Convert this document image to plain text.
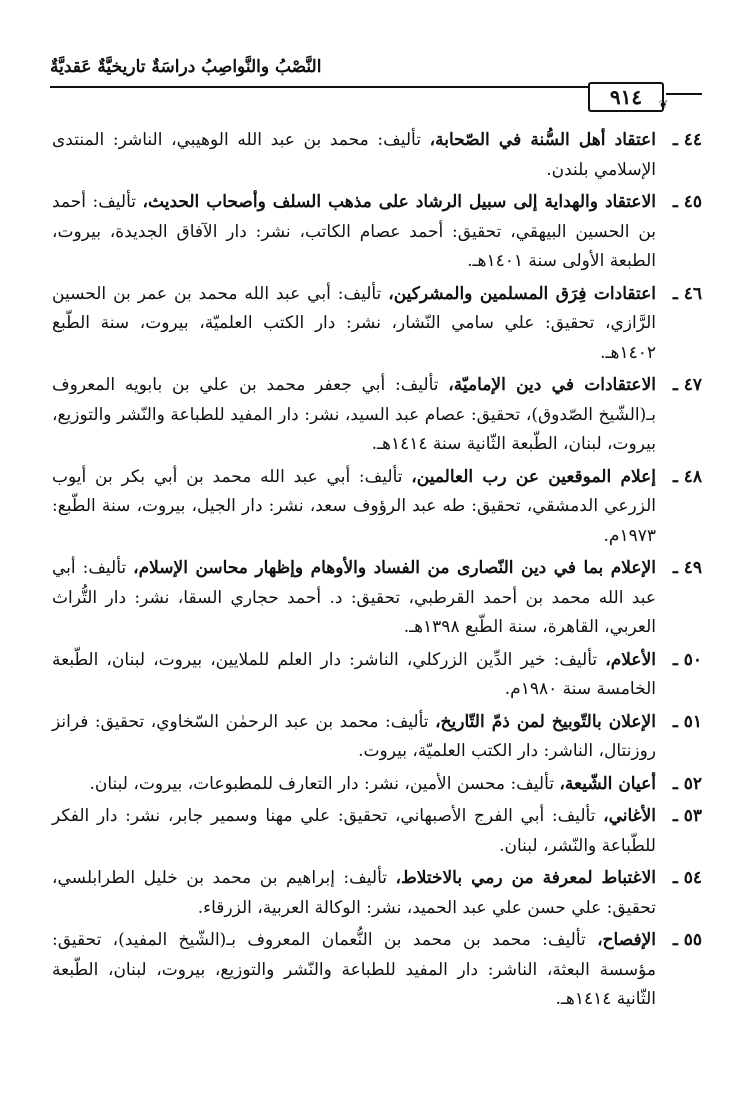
النَّصْبُ والنَّواصِبُ دراسَةٌ تاريخيَّةٌ عَقديَّةٌ
٩١٤ ❦
٤٤ ـ
اعتقاد أهل السُّنة في الصّحابة، تأليف: محمد بن عبد الله الوهيبي، الناشر: المنتدى الإسلامي بلندن.
٤٥ ـ
الاعتقاد والهداية إلى سبيل الرشاد على مذهب السلف وأصحاب الحديث، تأليف: أحمد بن الحسين البيهقي، تحقيق: أحمد عصام الكاتب، نشر: دار الآفاق الجديدة، بيروت، الطبعة الأولى سنة ١٤٠١هـ.
٤٦ ـ
اعتقادات فِرَق المسلمين والمشركين، تأليف: أبي عبد الله محمد بن عمر بن الحسين الرَّازي، تحقيق: علي سامي النّشار، نشر: دار الكتب العلميّة، بيروت، سنة الطّبع ١٤٠٢هـ.
٤٧ ـ
الاعتقادات في دين الإماميّة، تأليف: أبي جعفر محمد بن علي بن بابويه المعروف بـ(الشّيخ الصّدوق)، تحقيق: عصام عبد السيد، نشر: دار المفيد للطباعة والنّشر والتوزيع، بيروت، لبنان، الطّبعة الثّانية سنة ١٤١٤هـ.
٤٨ ـ
إعلام الموقعين عن رب العالمين، تأليف: أبي عبد الله محمد بن أبي بكر بن أيوب الزرعي الدمشقي، تحقيق: طه عبد الرؤوف سعد، نشر: دار الجيل، بيروت، سنة الطّبع: ١٩٧٣م.
٤٩ ـ
الإعلام بما في دين النّصارى من الفساد والأوهام وإظهار محاسن الإسلام، تأليف: أبي عبد الله محمد بن أحمد القرطبي، تحقيق: د. أحمد حجاري السقا، نشر: دار التُّراث العربي، القاهرة، سنة الطّبع ١٣٩٨هـ.
٥٠ ـ
الأعلام، تأليف: خير الدِّين الزركلي، الناشر: دار العلم للملايين، بيروت، لبنان، الطّبعة الخامسة سنة ١٩٨٠م.
٥١ ـ
الإعلان بالتّوبيخ لمن ذمّ التّاريخ، تأليف: محمد بن عبد الرحمٰن السّخاوي، تحقيق: فرانز روزنتال، الناشر: دار الكتب العلميّة، بيروت.
٥٢ ـ
أعيان الشّيعة، تأليف: محسن الأمين، نشر: دار التعارف للمطبوعات، بيروت، لبنان.
٥٣ ـ
الأغاني، تأليف: أبي الفرج الأصبهاني، تحقيق: علي مهنا وسمير جابر، نشر: دار الفكر للطّباعة والنّشر، لبنان.
٥٤ ـ
الاغتباط لمعرفة من رمي بالاختلاط، تأليف: إبراهيم بن محمد بن خليل الطرابلسي، تحقيق: علي حسن علي عبد الحميد، نشر: الوكالة العربية، الزرقاء.
٥٥ ـ
الإفصاح، تأليف: محمد بن محمد بن النُّعمان المعروف بـ(الشّيخ المفيد)، تحقيق: مؤسسة البعثة، الناشر: دار المفيد للطباعة والنّشر والتوزيع، بيروت، لبنان، الطّبعة الثّانية ١٤١٤هـ.
